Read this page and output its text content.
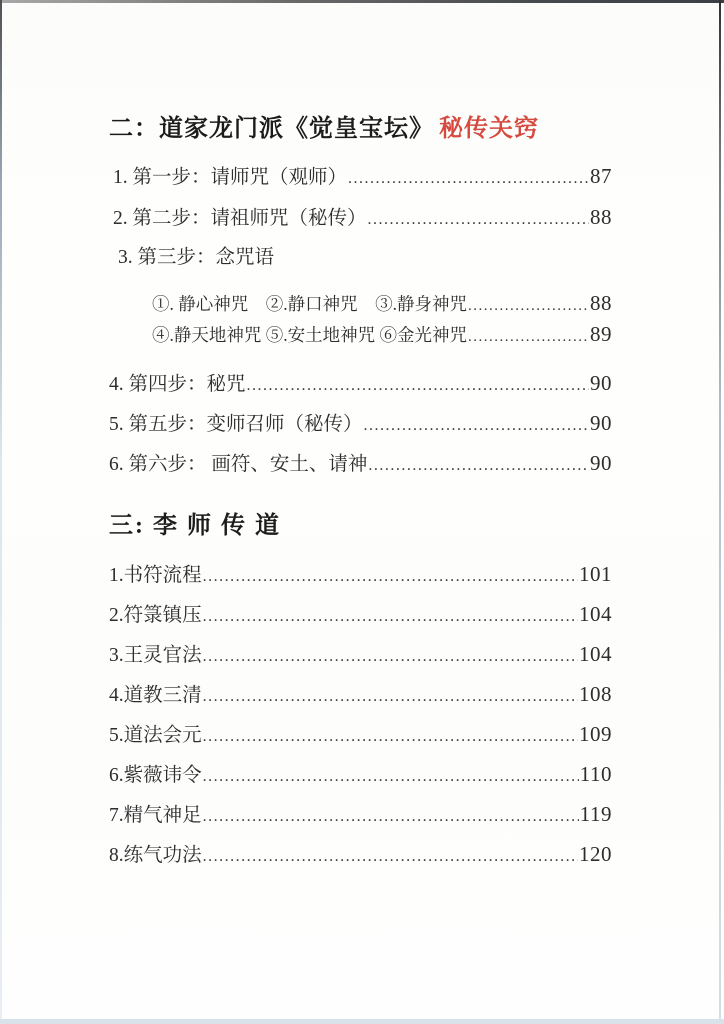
二：道家龙门派《觉皇宝坛》 秘传关窍
1. 第一步：请师咒（观师） .....	87
2. 第二步：请祖师咒（秘传） .....	88
3. 第三步：念咒语
①. 静心神咒　②.静口神咒　③.静身神咒 .....	88
④.静天地神咒 ⑤.安土地神咒 ⑥金光神咒 .....	89
4. 第四步：秘咒 .....	90
5. 第五步：变师召师（秘传） .....	90
6. 第六步： 画符、安土、请神 .....	90
三: 李 师 传 道
1.书符流程 .....	101
2.符箓镇压 .....	104
3.王灵官法 .....	104
4.道教三清 .....	108
5.道法会元 .....	109
6.紫薇讳令 .....	110
7.精气神足 .....	119
8.练气功法 .....	120
